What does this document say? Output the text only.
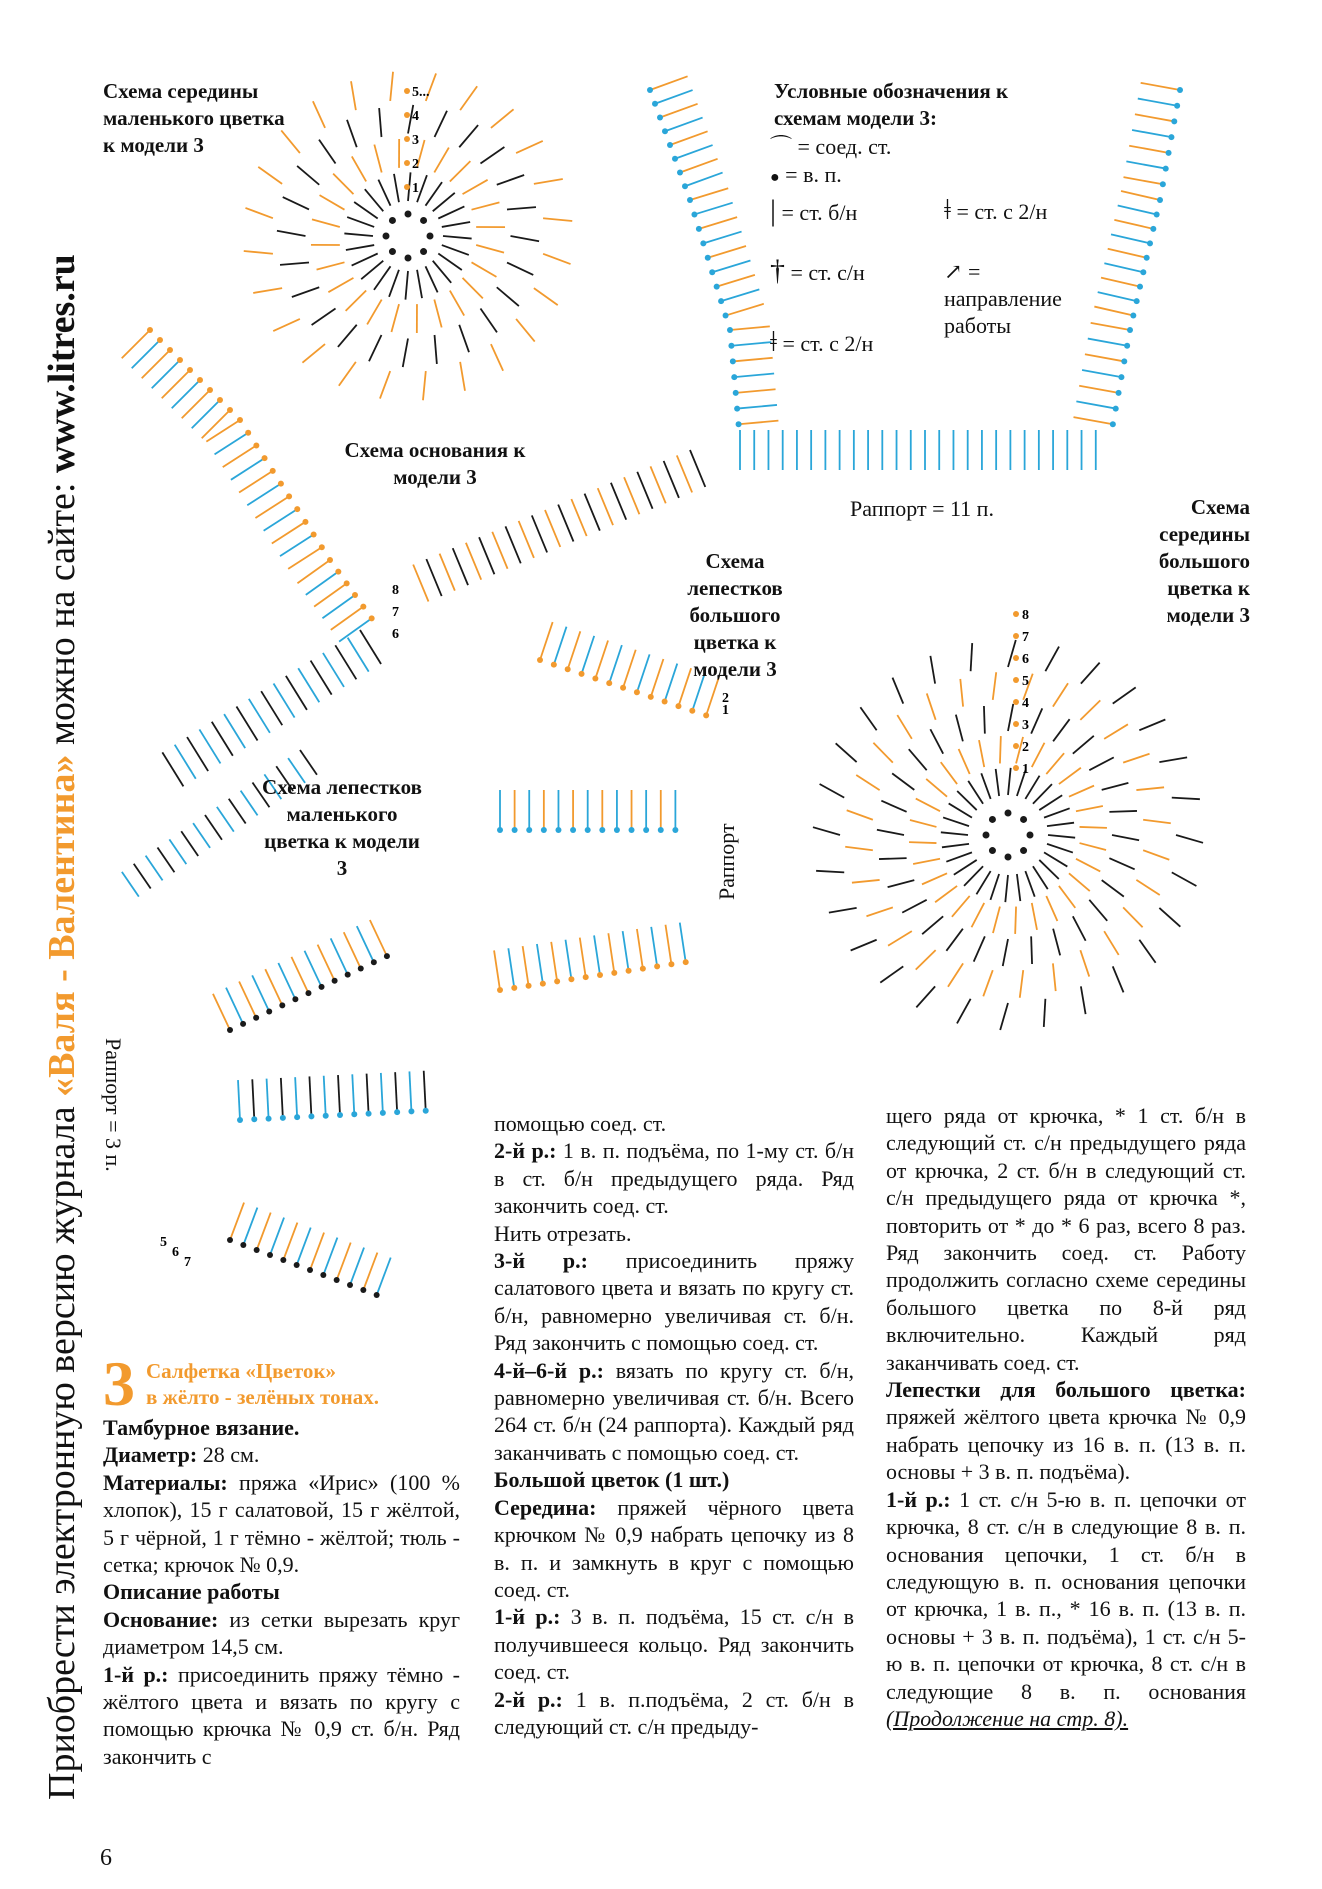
Приобрести электронную версию журнала «Валя - Валентина» можно на сайте: www.litres.ru
5...
4
3
2
1
8
7
6
5
4
3
2
1
8
7
6
2
1
5
6
7
Схема середины маленького цветка к модели 3
Схема основания к модели 3
Схема лепестков большого цветка к модели 3
Схема середины большого цветка к модели 3
Схема лепестков маленького цветка к модели 3
Раппорт = 11 п.
Раппорт = 3 п.
Раппорт
Условные обозначения к схемам модели 3:
⌒ = соед. ст.
● = в. п.
| = ст. б/н	ǂ = ст. с 2/н
† = ст. с/н	↗ = направление работы
ǂ = ст. с 2/н
3 Салфетка «Цветок»
в жёлто - зелёных тонах.

Тамбурное вязание.

Диаметр: 28 см.

Материалы: пряжа «Ирис» (100 % хлопок), 15 г салатовой, 15 г жёлтой, 5 г чёрной, 1 г тёмно - жёлтой; тюль - сетка; крючок № 0,9.

Описание работы

Основание: из сетки вырезать круг диаметром 14,5 см.

1-й р.: присоединить пряжу тёмно - жёлтого цвета и вязать по кругу с помощью крючка № 0,9 ст. б/н. Ряд закончить с

помощью соед. ст.

2-й р.: 1 в. п. подъёма, по 1-му ст. б/н в ст. б/н предыдущего ряда. Ряд закончить соед. ст.

Нить отрезать.

3-й р.: присоединить пряжу салатового цвета и вязать по кругу ст. б/н, равномерно увеличивая ст. б/н. Ряд закончить с помощью соед. ст.

4-й–6-й р.: вязать по кругу ст. б/н, равномерно увеличивая ст. б/н. Всего 264 ст. б/н (24 раппорта). Каждый ряд заканчивать с помощью соед. ст.

Большой цветок (1 шт.)

Середина: пряжей чёрного цвета крючком № 0,9 набрать цепочку из 8 в. п. и замкнуть в круг с помощью соед. ст.

1-й р.: 3 в. п. подъёма, 15 ст. с/н в получившееся кольцо. Ряд закончить соед. ст.

2-й р.: 1 в. п.подъёма, 2 ст. б/н в следующий ст. с/н предыду-

щего ряда от крючка, * 1 ст. б/н в следующий ст. с/н предыдущего ряда от крючка, 2 ст. б/н в следующий ст. с/н предыдущего ряда от крючка *, повторить от * до * 6 раз, всего 8 раз. Ряд закончить соед. ст. Работу продолжить согласно схеме середины большого цветка по 8-й ряд включительно. Каждый ряд заканчивать соед. ст.

Лепестки для большого цветка: пряжей жёлтого цвета крючка № 0,9 набрать цепочку из 16 в. п. (13 в. п. основы + 3 в. п. подъёма).

1-й р.: 1 ст. с/н 5-ю в. п. цепочки от крючка, 8 ст. с/н в следующие 8 в. п. основания цепочки, 1 ст. б/н в следующую в. п. основания цепочки от крючка, 1 в. п., * 16 в. п. (13 в. п. основы + 3 в. п. подъёма), 1 ст. с/н 5-ю в. п. цепочки от крючка, 8 ст. с/н в следующие 8 в. п. основания (Продолжение на стр. 8).

6
